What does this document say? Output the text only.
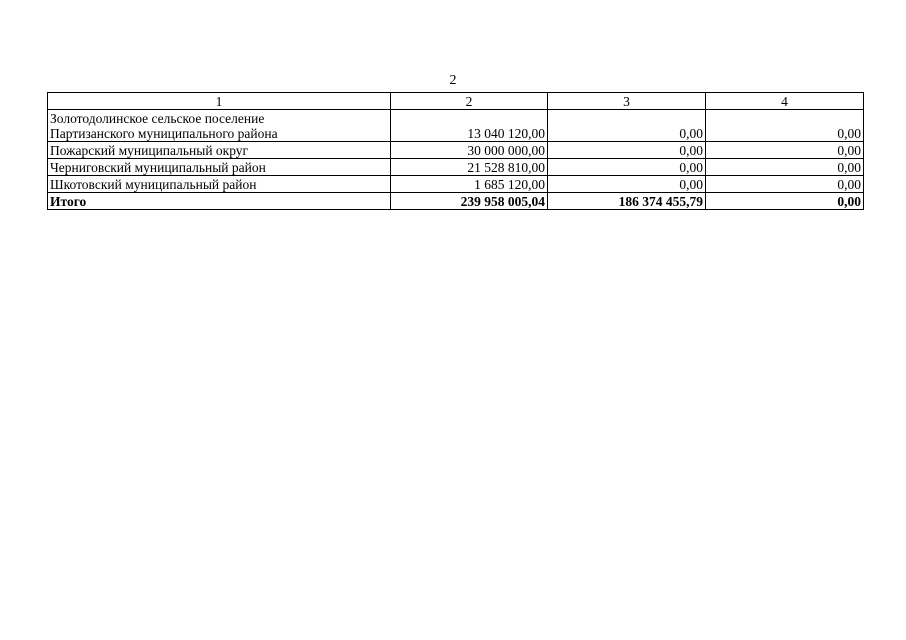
2
1	2	3	4

Золотодолинское сельское поселение
Партизанского муниципального района	13 040 120,00	0,00	0,00
Пожарский муниципальный округ	30 000 000,00	0,00	0,00
Черниговский муниципальный район	21 528 810,00	0,00	0,00
Шкотовский муниципальный район	1 685 120,00	0,00	0,00
Итого	239 958 005,04	186 374 455,79	0,00
